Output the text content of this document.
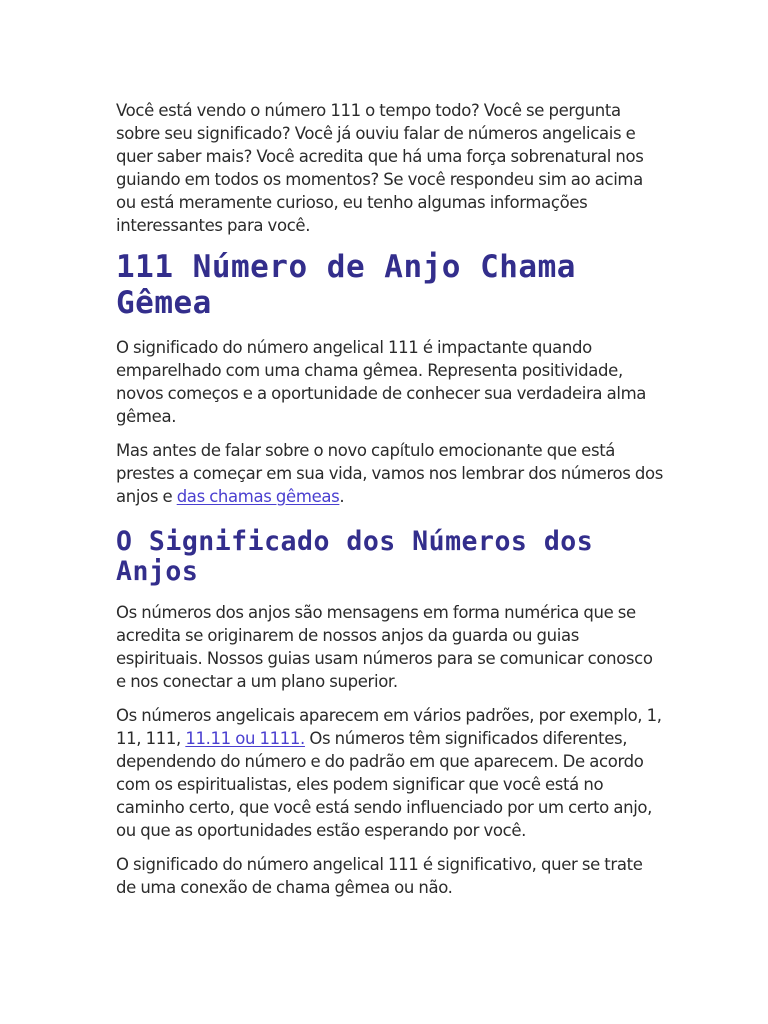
Você está vendo o número 111 o tempo todo? Você se pergunta sobre seu significado? Você já ouviu falar de números angelicais e quer saber mais? Você acredita que há uma força sobrenatural nos guiando em todos os momentos? Se você respondeu sim ao acima ou está meramente curioso, eu tenho algumas informações interessantes para você.

111 Número de Anjo Chama Gêmea

O significado do número angelical 111 é impactante quando emparelhado com uma chama gêmea. Representa positividade, novos começos e a oportunidade de conhecer sua verdadeira alma gêmea.

Mas antes de falar sobre o novo capítulo emocionante que está prestes a começar em sua vida, vamos nos lembrar dos números dos anjos e das chamas gêmeas.

O Significado dos Números dos Anjos

Os números dos anjos são mensagens em forma numérica que se acredita se originarem de nossos anjos da guarda ou guias espirituais. Nossos guias usam números para se comunicar conosco e nos conectar a um plano superior.

Os números angelicais aparecem em vários padrões, por exemplo, 1, 11, 111, 11.11 ou 1111. Os números têm significados diferentes, dependendo do número e do padrão em que aparecem. De acordo com os espiritualistas, eles podem significar que você está no caminho certo, que você está sendo influenciado por um certo anjo, ou que as oportunidades estão esperando por você.

O significado do número angelical 111 é significativo, quer se trate de uma conexão de chama gêmea ou não.
